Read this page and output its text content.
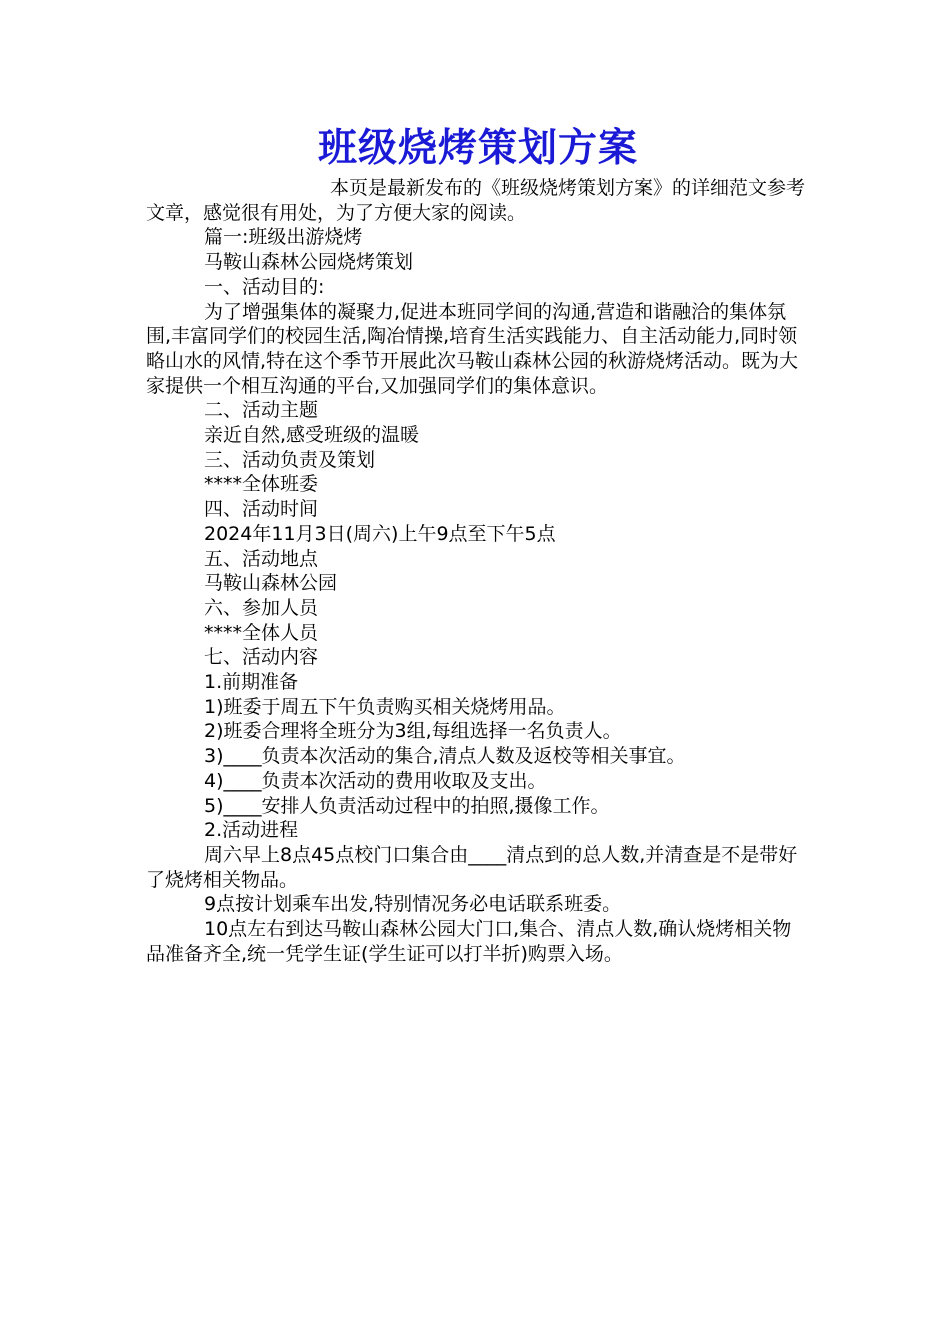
班级烧烤策划方案

本页是最新发布的《班级烧烤策划方案》的详细范文参考文章，感觉很有用处，为了方便大家的阅读。

篇一:班级出游烧烤

马鞍山森林公园烧烤策划

一、活动目的:

为了增强集体的凝聚力,促进本班同学间的沟通,营造和谐融洽的集体氛围,丰富同学们的校园生活,陶冶情操,培育生活实践能力、自主活动能力,同时领略山水的风情,特在这个季节开展此次马鞍山森林公园的秋游烧烤活动。既为大家提供一个相互沟通的平台,又加强同学们的集体意识。

二、活动主题

亲近自然,感受班级的温暖

三、活动负责及策划

****全体班委

四、活动时间

2024年11月3日(周六)上午9点至下午5点

五、活动地点

马鞍山森林公园

六、参加人员

****全体人员

七、活动内容

1.前期准备

1)班委于周五下午负责购买相关烧烤用品。

2)班委合理将全班分为3组,每组选择一名负责人。

3)____负责本次活动的集合,清点人数及返校等相关事宜。

4)____负责本次活动的费用收取及支出。

5)____安排人负责活动过程中的拍照,摄像工作。

2.活动进程

周六早上8点45点校门口集合由____清点到的总人数,并清查是不是带好了烧烤相关物品。

9点按计划乘车出发,特别情况务必电话联系班委。

10点左右到达马鞍山森林公园大门口,集合、清点人数,确认烧烤相关物品准备齐全,统一凭学生证(学生证可以打半折)购票入场。
